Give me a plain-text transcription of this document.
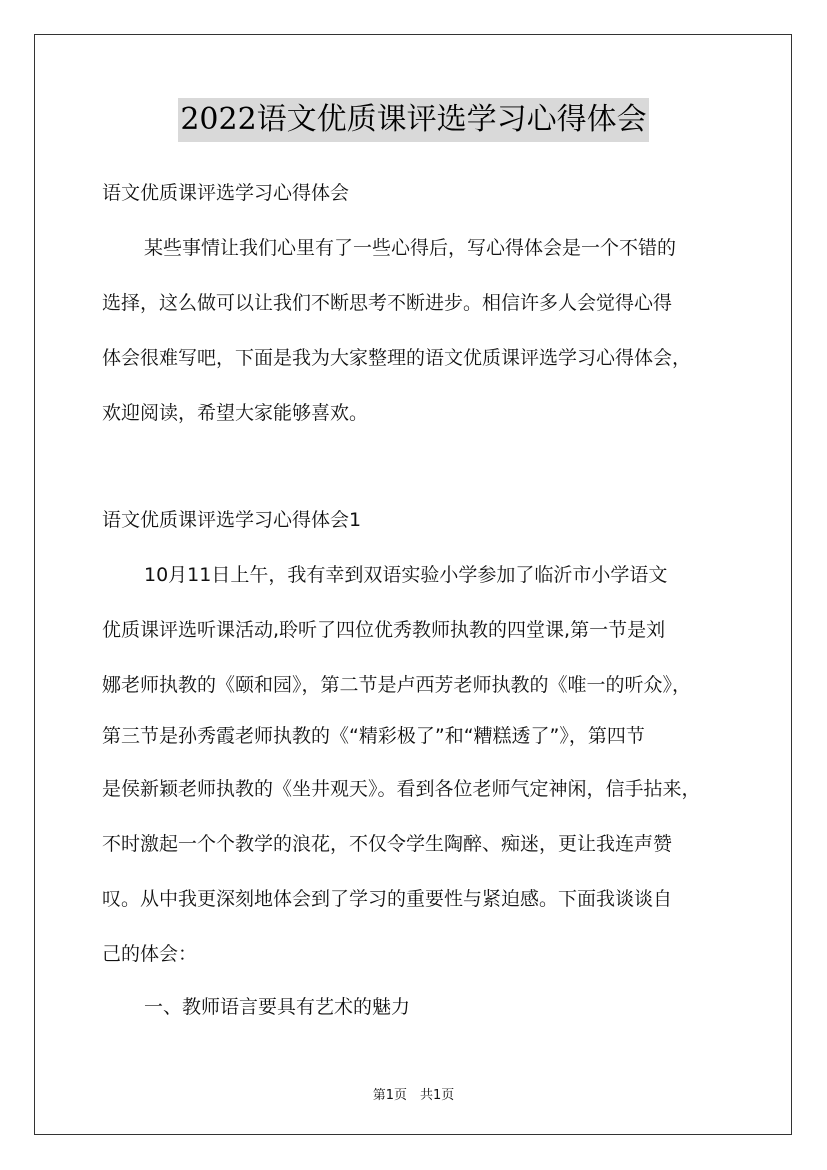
2022语文优质课评选学习心得体会
语文优质课评选学习心得体会
某些事情让我们心里有了一些心得后，写心得体会是一个不错的
选择，这么做可以让我们不断思考不断进步。相信许多人会觉得心得
体会很难写吧，下面是我为大家整理的语文优质课评选学习心得体会，
欢迎阅读，希望大家能够喜欢。
语文优质课评选学习心得体会1
10月11日上午，我有幸到双语实验小学参加了临沂市小学语文
优质课评选听课活动,聆听了四位优秀教师执教的四堂课,第一节是刘
娜老师执教的《颐和园》，第二节是卢西芳老师执教的《唯一的听众》，
第三节是孙秀霞老师执教的《“精彩极了”和“糟糕透了”》，第四节
是侯新颖老师执教的《坐井观天》。看到各位老师气定神闲，信手拈来，
不时激起一个个教学的浪花，不仅令学生陶醉、痴迷，更让我连声赞
叹。从中我更深刻地体会到了学习的重要性与紧迫感。下面我谈谈自
己的体会：
一、教师语言要具有艺术的魅力
第1页　共1页
